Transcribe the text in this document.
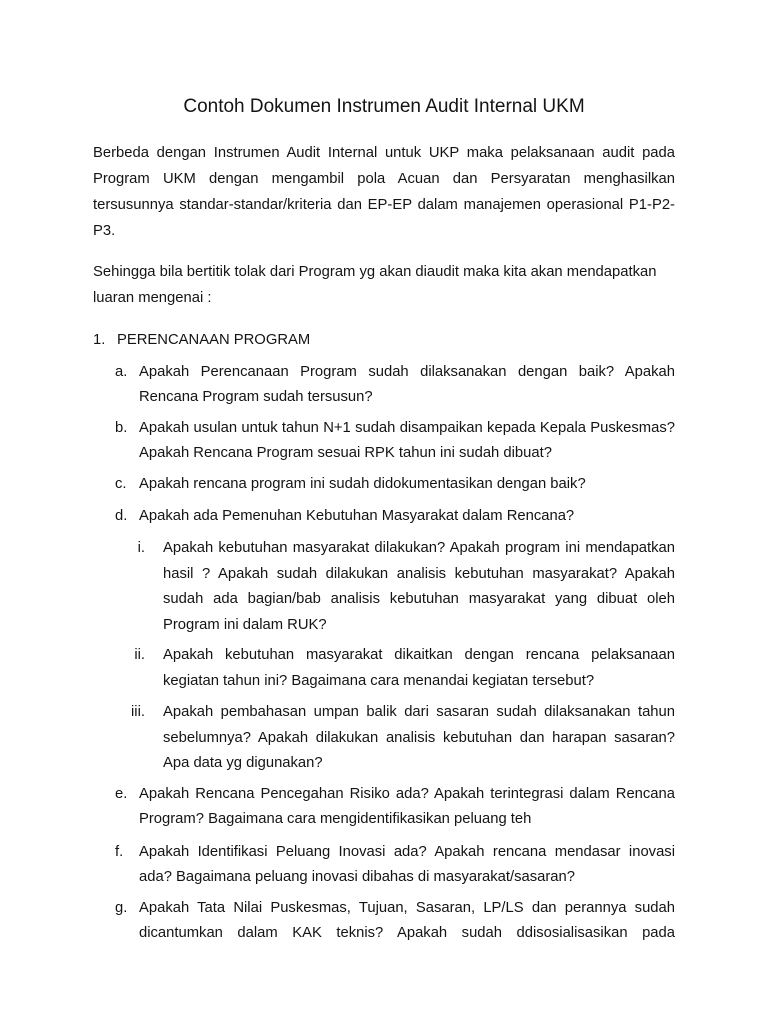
Contoh Dokumen Instrumen Audit Internal UKM
Berbeda dengan Instrumen Audit Internal untuk UKP maka pelaksanaan audit pada Program UKM dengan mengambil pola Acuan dan Persyaratan menghasilkan tersusunnya standar-standar/kriteria dan EP-EP dalam manajemen operasional P1-P2-P3.
Sehingga bila bertitik tolak dari Program yg akan diaudit maka kita akan mendapatkan luaran mengenai :
1. PERENCANAAN PROGRAM
a. Apakah Perencanaan Program sudah dilaksanakan dengan baik? Apakah Rencana Program sudah tersusun?
b. Apakah usulan untuk tahun N+1 sudah disampaikan kepada Kepala Puskesmas? Apakah Rencana Program sesuai RPK tahun ini sudah dibuat?
c. Apakah rencana program ini sudah didokumentasikan dengan baik?
d. Apakah ada Pemenuhan Kebutuhan Masyarakat dalam Rencana?
i. Apakah kebutuhan masyarakat dilakukan? Apakah program ini mendapatkan hasil ? Apakah sudah dilakukan analisis kebutuhan masyarakat? Apakah sudah ada bagian/bab analisis kebutuhan masyarakat yang dibuat oleh Program ini dalam RUK?
ii. Apakah kebutuhan masyarakat dikaitkan dengan rencana pelaksanaan kegiatan tahun ini? Bagaimana cara menandai kegiatan tersebut?
iii. Apakah pembahasan umpan balik dari sasaran sudah dilaksanakan tahun sebelumnya? Apakah dilakukan analisis kebutuhan dan harapan sasaran? Apa data yg digunakan?
e. Apakah Rencana Pencegahan Risiko ada? Apakah terintegrasi dalam Rencana Program? Bagaimana cara mengidentifikasikan peluang teh
f.	Apakah Identifikasi Peluang Inovasi ada? Apakah rencana mendasar inovasi ada? Bagaimana peluang inovasi dibahas di masyarakat/sasaran?
g. Apakah Tata Nilai Puskesmas, Tujuan, Sasaran, LP/LS dan perannya sudah dicantumkan dalam KAK teknis? Apakah sudah ddisosialisasikan pada
